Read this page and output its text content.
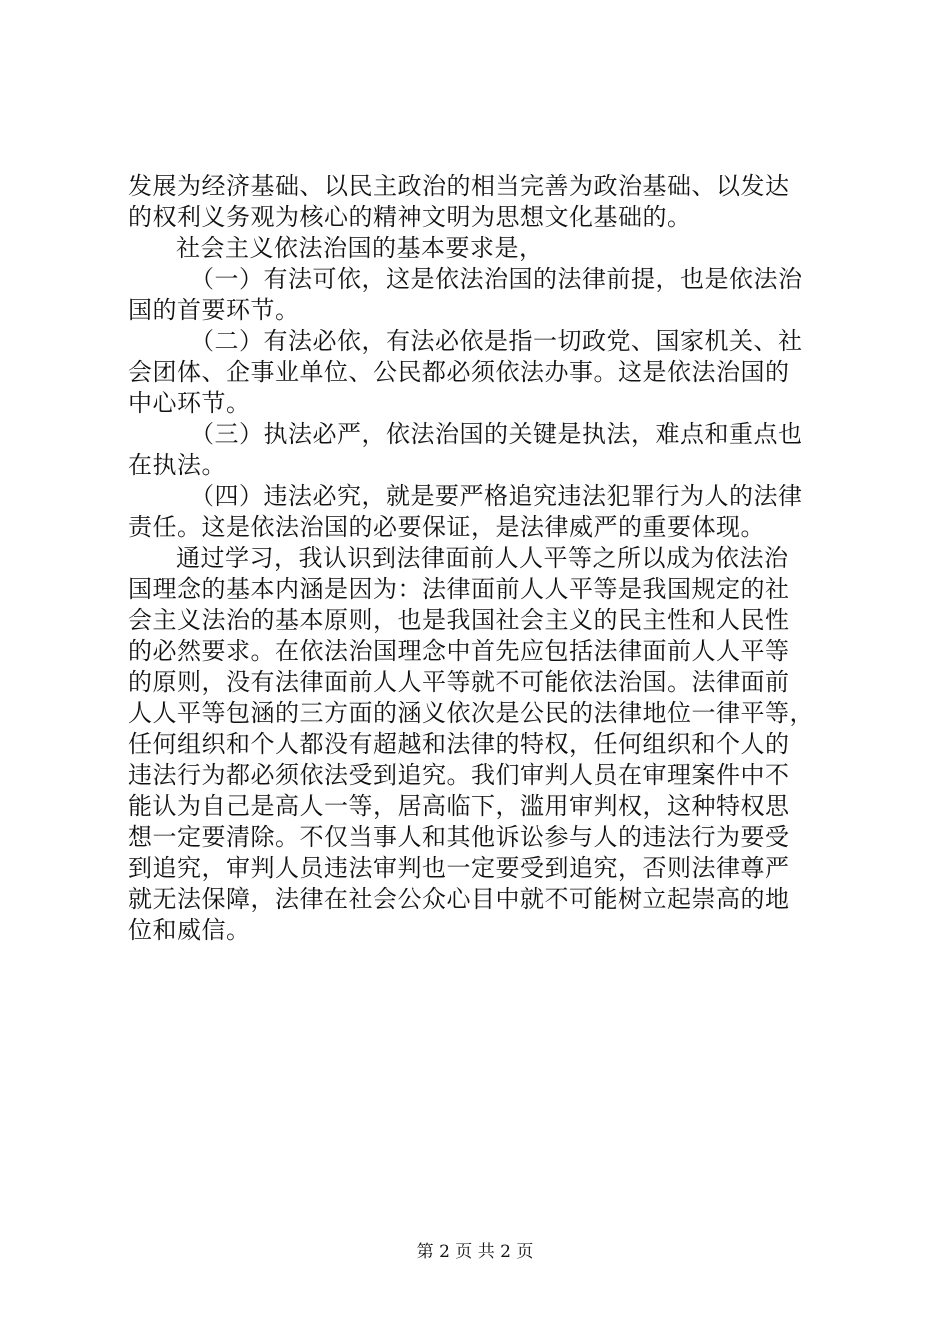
发展为经济基础、以民主政治的相当完善为政治基础、以发达
的权利义务观为核心的精神文明为思想文化基础的。
社会主义依法治国的基本要求是，
（一）有法可依，这是依法治国的法律前提，也是依法治
国的首要环节。
（二）有法必依，有法必依是指一切政党、国家机关、社
会团体、企事业单位、公民都必须依法办事。这是依法治国的
中心环节。
（三）执法必严，依法治国的关键是执法，难点和重点也
在执法。
（四）违法必究，就是要严格追究违法犯罪行为人的法律
责任。这是依法治国的必要保证，是法律威严的重要体现。
通过学习，我认识到法律面前人人平等之所以成为依法治
国理念的基本内涵是因为：法律面前人人平等是我国规定的社
会主义法治的基本原则，也是我国社会主义的民主性和人民性
的必然要求。在依法治国理念中首先应包括法律面前人人平等
的原则，没有法律面前人人平等就不可能依法治国。法律面前
人人平等包涵的三方面的涵义依次是公民的法律地位一律平等，
任何组织和个人都没有超越和法律的特权，任何组织和个人的
违法行为都必须依法受到追究。我们审判人员在审理案件中不
能认为自己是高人一等，居高临下，滥用审判权，这种特权思
想一定要清除。不仅当事人和其他诉讼参与人的违法行为要受
到追究，审判人员违法审判也一定要受到追究，否则法律尊严
就无法保障，法律在社会公众心目中就不可能树立起崇高的地
位和威信。
第 2 页 共 2 页
